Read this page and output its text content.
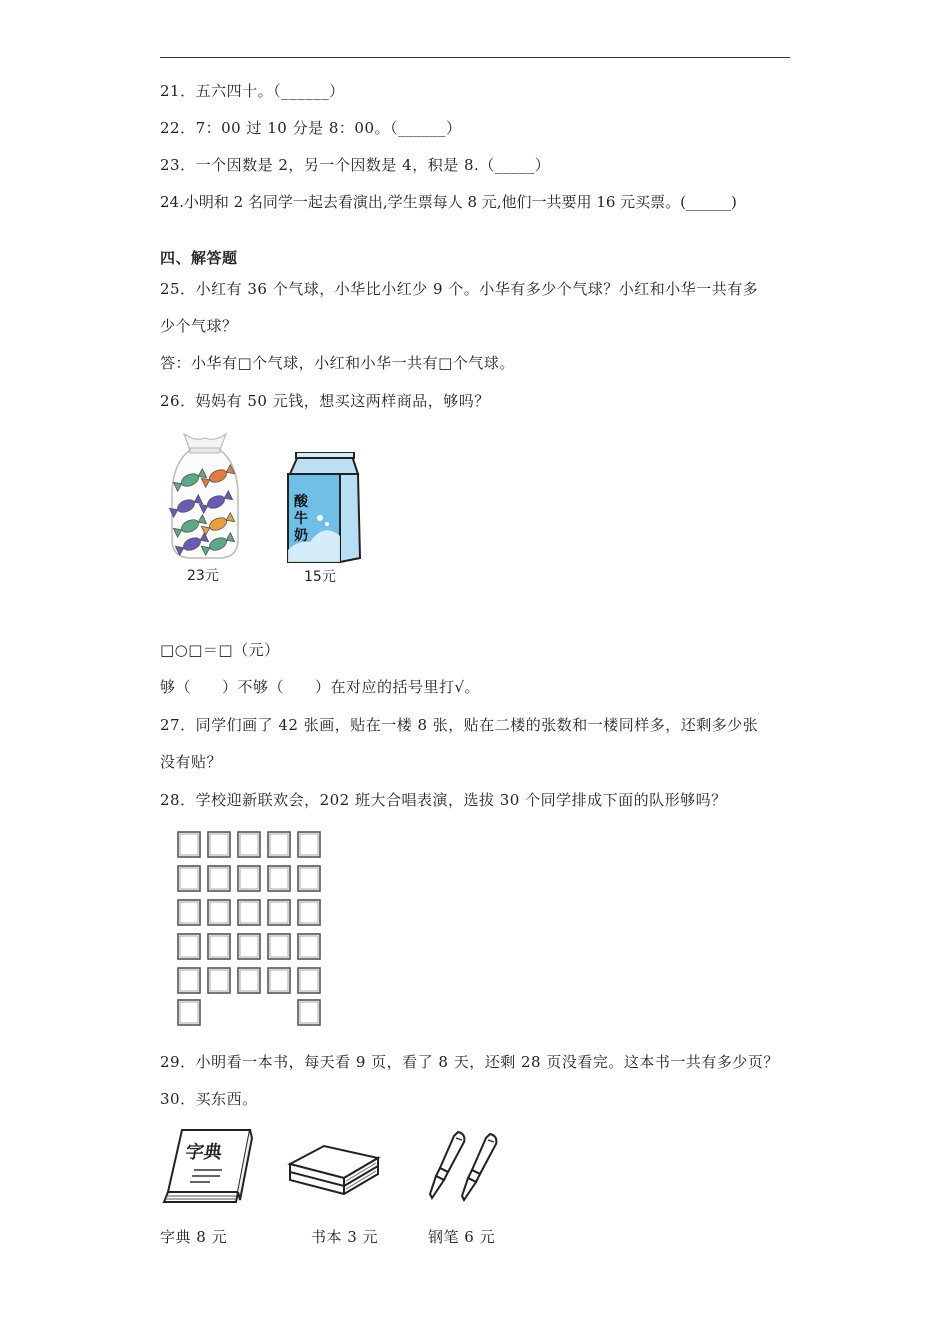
21．五六四十。（______）
22．7：00 过 10 分是 8：00。（______）
23．一个因数是 2，另一个因数是 4，积是 8.（_____）
24.小明和 2 名同学一起去看演出,学生票每人 8 元,他们一共要用 16 元买票。(______)
四、解答题
25．小红有 36 个气球，小华比小红少 9 个。小华有多少个气球？小红和小华一共有多
少个气球？
答：小华有□个气球，小红和小华一共有□个气球。
26．妈妈有 50 元钱，想买这两样商品，够吗？
23元
酸
牛
奶
15元
□○□＝□（元）
够（　　）不够（　　）在对应的括号里打√。
27．同学们画了 42 张画，贴在一楼 8 张，贴在二楼的张数和一楼同样多，还剩多少张
没有贴？
28．学校迎新联欢会，202 班大合唱表演，选拔 30 个同学排成下面的队形够吗？
29．小明看一本书，每天看 9 页，看了 8 天，还剩 28 页没看完。这本书一共有多少页？
30．买东西。
字典
字典 8 元	书本 3 元	钢笔 6 元
